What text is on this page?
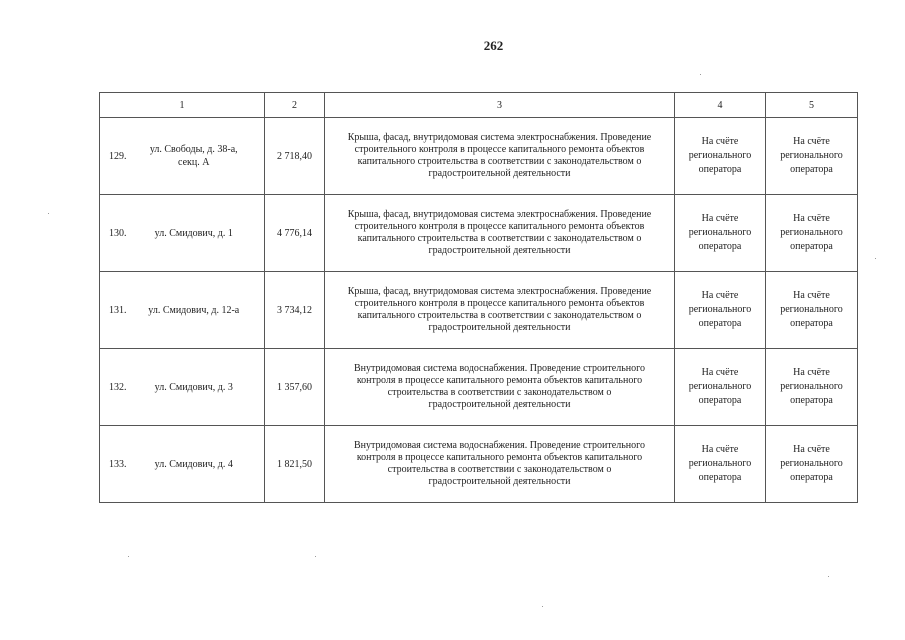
262
1	2	3	4	5

129.
ул. Свободы, д. 38-а, секц. А	2 718,40	Крыша, фасад, внутридомовая система электроснабжения. Проведение строительного контроля в процессе капитального ремонта объектов капитального строительства в соответствии с законодательством о градостроительной деятельности	На счёте регионального оператора	На счёте регионального оператора

130. ул. Смидович, д. 1	4 776,14	Крыша, фасад, внутридомовая система электроснабжения. Проведение строительного контроля в процессе капитального ремонта объектов капитального строительства в соответствии с законодательством о градостроительной деятельности	На счёте регионального оператора	На счёте регионального оператора

131. ул. Смидович, д. 12-а	3 734,12	Крыша, фасад, внутридомовая система электроснабжения. Проведение строительного контроля в процессе капитального ремонта объектов капитального строительства в соответствии с законодательством о градостроительной деятельности	На счёте регионального оператора	На счёте регионального оператора

132. ул. Смидович, д. 3	1 357,60	Внутридомовая система водоснабжения. Проведение строительного контроля в процессе капитального ремонта объектов капитального строительства в соответствии с законодательством о градостроительной деятельности	На счёте регионального оператора	На счёте регионального оператора

133. ул. Смидович, д. 4	1 821,50	Внутридомовая система водоснабжения. Проведение строительного контроля в процессе капитального ремонта объектов капитального строительства в соответствии с законодательством о градостроительной деятельности	На счёте регионального оператора	На счёте регионального оператора
